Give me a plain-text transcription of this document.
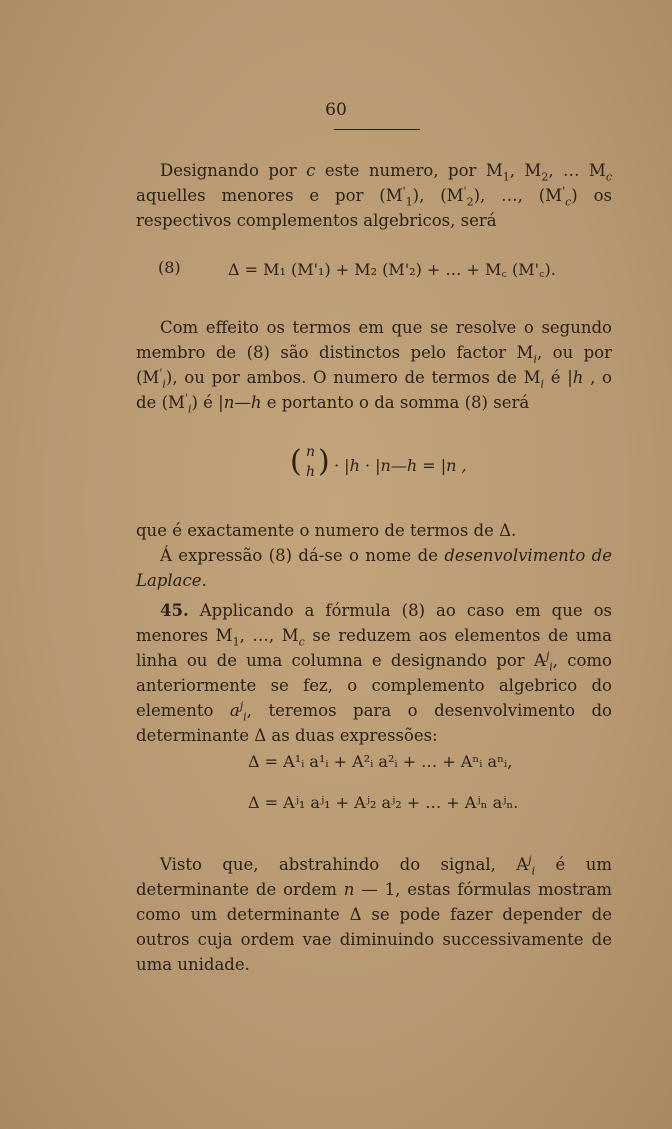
60
Designando por c este numero, por $M_1$, $M_2$, … $M_c$ aquelles menores e por $(M'_1)$, $(M'_2)$, …, $(M'_c)$ os respectivos complementos algebricos, será
(8)	Δ = M₁ (M'₁) + M₂ (M'₂) + … + M꜀ (M'꜀).
Com effeito os termos em que se resolve o segundo membro de (8) são distinctos pelo factor $M_i$, ou por $(M'_i)$, ou por ambos. O numero de termos de $M_i$ é |h , o de $(M'_i)$ é |n—h e portanto o da somma (8) será
( n
h ) · |h · |n—h = |n ,
que é exactamente o numero de termos de Δ.
Á expressão (8) dá-se o nome de desenvolvimento de Laplace.
45. Applicando a fórmula (8) ao caso em que os menores $M_1$, …, $M_c$ se reduzem aos elementos de uma linha ou de uma columna e designando por $A^j_i$, como anteriormente se fez, o complemento algebrico do elemento $a^j_i$, teremos para o desenvolvimento do determinante Δ as duas expressões:
Δ = A¹ᵢ a¹ᵢ + A²ᵢ a²ᵢ + … + Aⁿᵢ aⁿᵢ,
Δ = Aʲ₁ aʲ₁ + Aʲ₂ aʲ₂ + … + Aʲₙ aʲₙ.
Visto que, abstrahindo do signal, $A^j_i$ é um determinante de ordem n — 1, estas fórmulas mostram como um determinante Δ se pode fazer depender de outros cuja ordem vae diminuindo successivamente de uma unidade.
